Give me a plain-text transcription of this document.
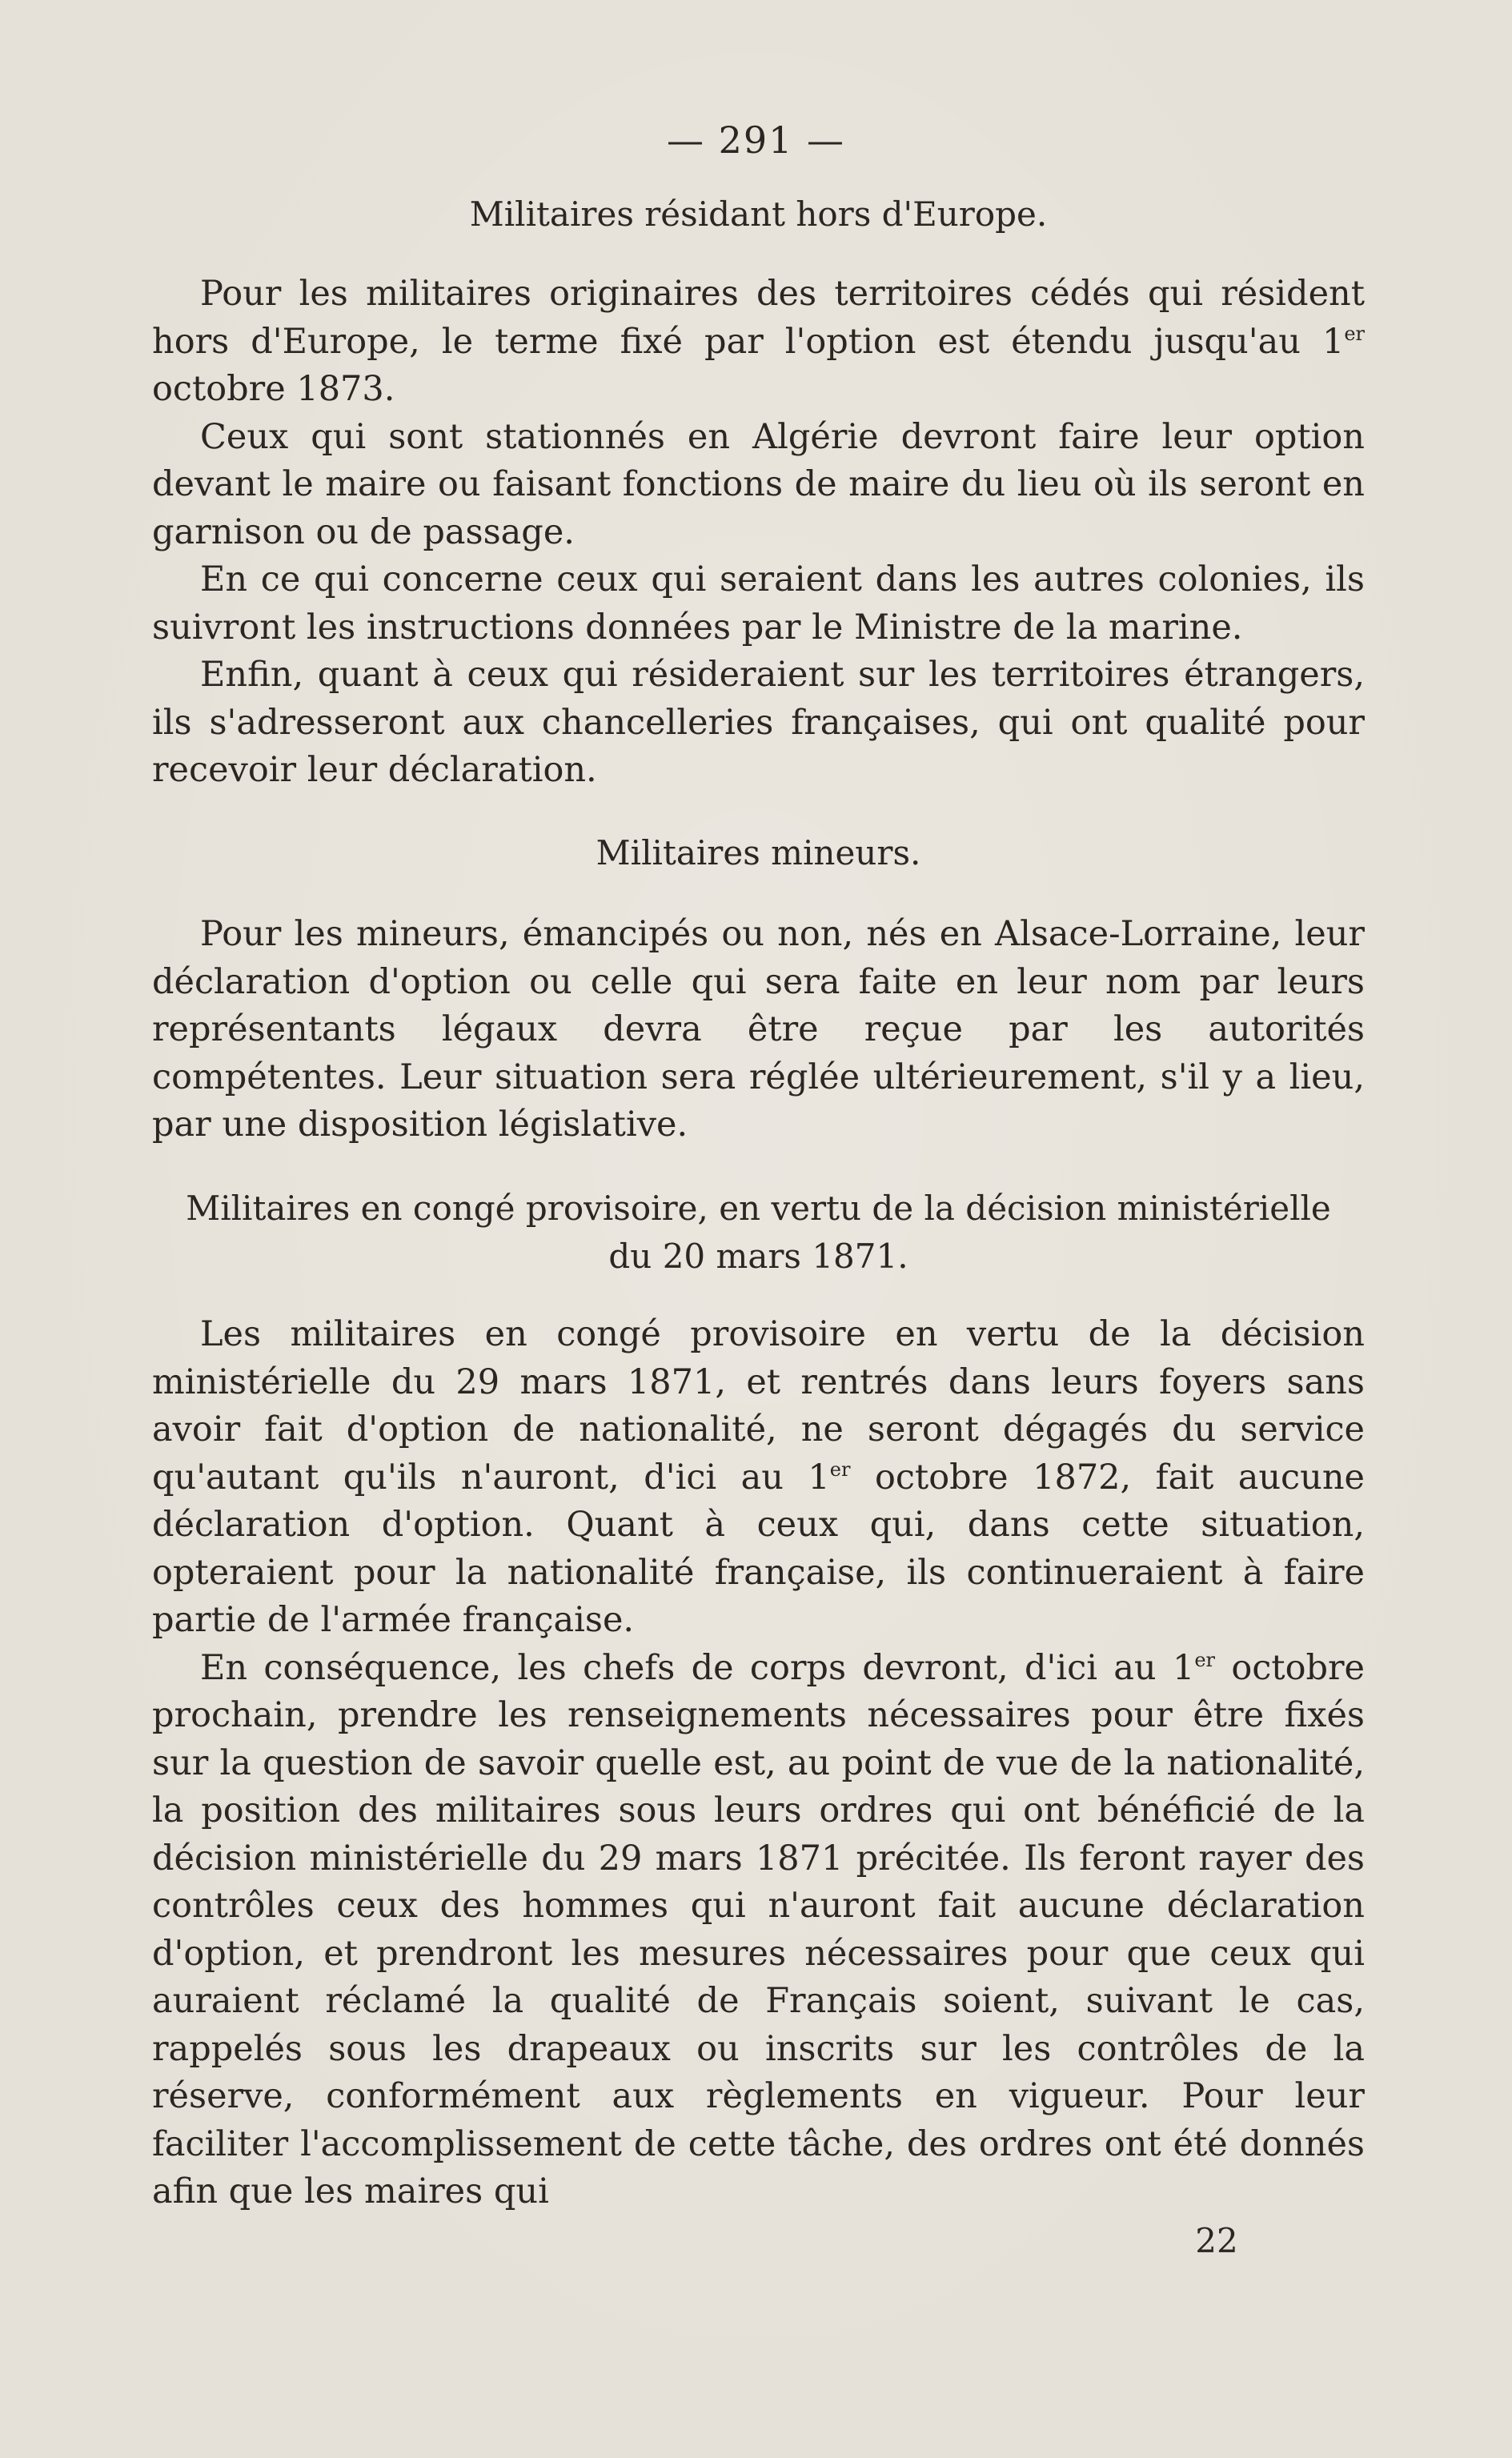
— 291 —

Militaires résidant hors d'Europe.

Pour les militaires originaires des territoires cédés qui résident hors d'Europe, le terme fixé par l'option est étendu jusqu'au 1er octobre 1873.

Ceux qui sont stationnés en Algérie devront faire leur option devant le maire ou faisant fonctions de maire du lieu où ils seront en garnison ou de passage.

En ce qui concerne ceux qui seraient dans les autres colonies, ils suivront les instructions données par le Ministre de la marine.

Enfin, quant à ceux qui résideraient sur les territoires étrangers, ils s'adresseront aux chancelleries françaises, qui ont qualité pour recevoir leur déclaration.

Militaires mineurs.

Pour les mineurs, émancipés ou non, nés en Alsace-Lorraine, leur déclaration d'option ou celle qui sera faite en leur nom par leurs représentants légaux devra être reçue par les autorités compétentes. Leur situation sera réglée ultérieurement, s'il y a lieu, par une disposition législative.

Militaires en congé provisoire, en vertu de la décision ministérielle du 20 mars 1871.

Les militaires en congé provisoire en vertu de la décision ministérielle du 29 mars 1871, et rentrés dans leurs foyers sans avoir fait d'option de nationalité, ne seront dégagés du service qu'autant qu'ils n'auront, d'ici au 1er octobre 1872, fait aucune déclaration d'option. Quant à ceux qui, dans cette situation, opteraient pour la nationalité française, ils continueraient à faire partie de l'armée française.

En conséquence, les chefs de corps devront, d'ici au 1er octobre prochain, prendre les renseignements nécessaires pour être fixés sur la question de savoir quelle est, au point de vue de la nationalité, la position des militaires sous leurs ordres qui ont bénéficié de la décision ministérielle du 29 mars 1871 précitée. Ils feront rayer des contrôles ceux des hommes qui n'auront fait aucune déclaration d'option, et prendront les mesures nécessaires pour que ceux qui auraient réclamé la qualité de Français soient, suivant le cas, rappelés sous les drapeaux ou inscrits sur les contrôles de la réserve, conformément aux règlements en vigueur. Pour leur faciliter l'accomplissement de cette tâche, des ordres ont été donnés afin que les maires qui

22
